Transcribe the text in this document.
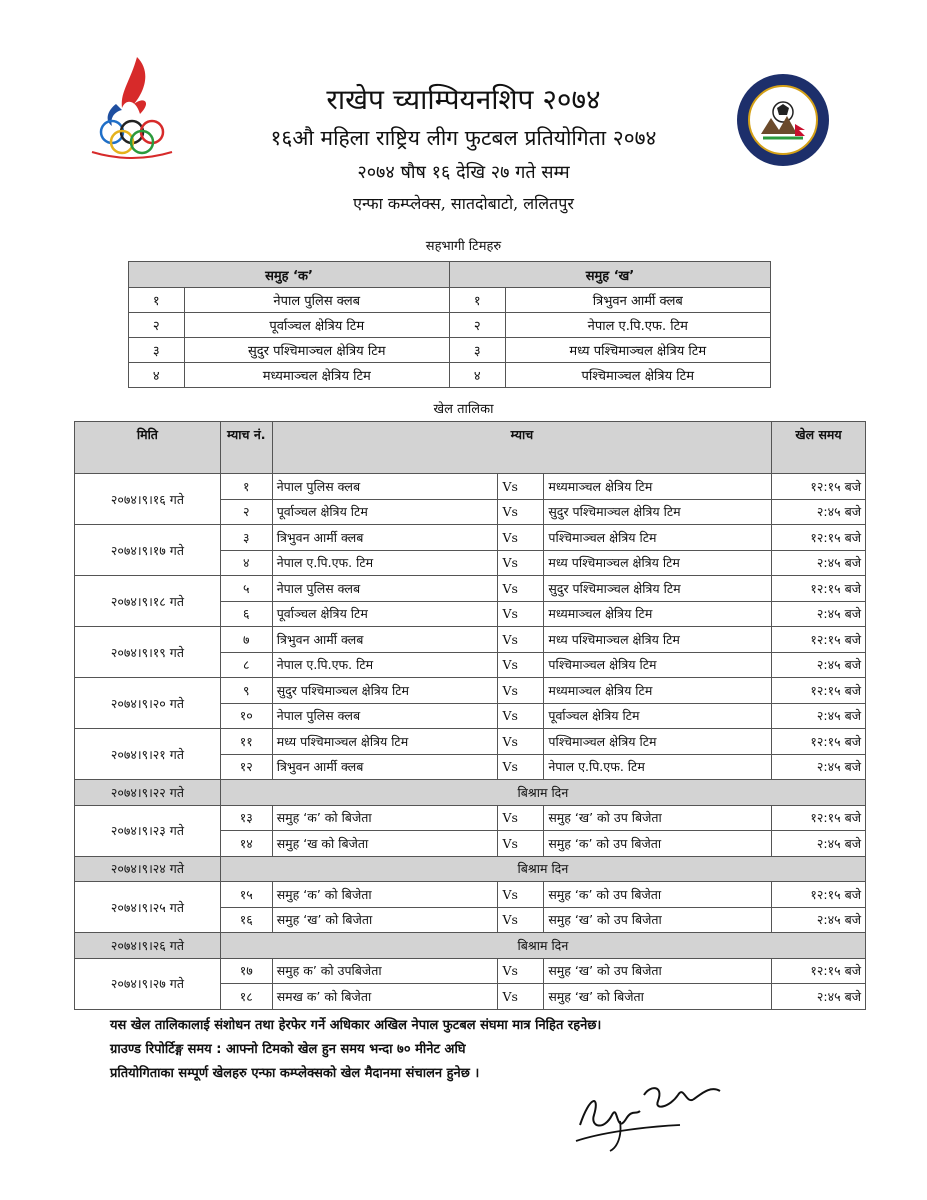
राखेप च्याम्पियनशिप २०७४
१६औ महिला राष्ट्रिय लीग फुटबल प्रतियोगिता २०७४
२०७४ षौष १६ देखि २७ गते सम्म
एन्फा कम्प्लेक्स, सातदोबाटो, ललितपुर
सहभागी टिमहरु
समुह ‘क’		समुह ‘ख’	
१	नेपाल पुलिस क्लब	१	त्रिभुवन आर्मी क्लब
२	पूर्वाञ्चल क्षेत्रिय टिम	२	नेपाल ए.पि.एफ. टिम
३	सुदुर पश्चिमाञ्चल क्षेत्रिय टिम	३	मध्य पश्चिमाञ्चल क्षेत्रिय टिम
४	मध्यमाञ्चल क्षेत्रिय टिम	४	पश्चिमाञ्चल क्षेत्रिय टिम
खेल तालिका
मिति	म्याच नं.	म्याच			खेल समय
२०७४।९।१६ गते	१	नेपाल पुलिस क्लब	Vs	मध्यमाञ्चल क्षेत्रिय टिम	१२:१५ बजे
	२	पूर्वाञ्चल क्षेत्रिय टिम	Vs	सुदुर पश्चिमाञ्चल क्षेत्रिय टिम	२:४५ बजे
२०७४।९।१७ गते	३	त्रिभुवन आर्मी क्लब	Vs	पश्चिमाञ्चल क्षेत्रिय टिम	१२:१५ बजे
	४	नेपाल ए.पि.एफ. टिम	Vs	मध्य पश्चिमाञ्चल क्षेत्रिय टिम	२:४५ बजे
२०७४।९।१८ गते	५	नेपाल पुलिस क्लब	Vs	सुदुर पश्चिमाञ्चल क्षेत्रिय टिम	१२:१५ बजे
	६	पूर्वाञ्चल क्षेत्रिय टिम	Vs	मध्यमाञ्चल क्षेत्रिय टिम	२:४५ बजे
२०७४।९।१९ गते	७	त्रिभुवन आर्मी क्लब	Vs	मध्य पश्चिमाञ्चल क्षेत्रिय टिम	१२:१५ बजे
	८	नेपाल ए.पि.एफ. टिम	Vs	पश्चिमाञ्चल क्षेत्रिय टिम	२:४५ बजे
२०७४।९।२० गते	९	सुदुर पश्चिमाञ्चल क्षेत्रिय टिम	Vs	मध्यमाञ्चल क्षेत्रिय टिम	१२:१५ बजे
	१०	नेपाल पुलिस क्लब	Vs	पूर्वाञ्चल क्षेत्रिय टिम	२:४५ बजे
२०७४।९।२१ गते	११	मध्य पश्चिमाञ्चल क्षेत्रिय टिम	Vs	पश्चिमाञ्चल क्षेत्रिय टिम	१२:१५ बजे
	१२	त्रिभुवन आर्मी क्लब	Vs	नेपाल ए.पि.एफ. टिम	२:४५ बजे
२०७४।९।२२ गते	बिश्राम दिन				
२०७४।९।२३ गते	१३	समुह ‘क’ को बिजेता	Vs	समुह ‘ख’ को उप बिजेता	१२:१५ बजे
	१४	समुह ‘ख को बिजेता	Vs	समुह ‘क’ को उप बिजेता	२:४५ बजे
२०७४।९।२४ गते	बिश्राम दिन				
२०७४।९।२५ गते	१५	समुह ‘क’ को बिजेता	Vs	समुह ‘क’ को उप बिजेता	१२:१५ बजे
	१६	समुह ‘ख’ को बिजेता	Vs	समुह ‘ख’ को उप बिजेता	२:४५ बजे
२०७४।९।२६ गते	बिश्राम दिन				
२०७४।९।२७ गते	१७	समुह क’ को उपबिजेता	Vs	समुह ‘ख’ को उप बिजेता	१२:१५ बजे
	१८	समख क’ को बिजेता	Vs	समुह ‘ख’ को बिजेता	२:४५ बजे
यस खेल तालिकालाई संशोधन तथा हेरफेर गर्ने अधिकार अखिल नेपाल फुटबल संघमा मात्र निहित रहनेछ।
ग्राउण्ड रिपोर्टिङ्ग समय : आफ्नो टिमको खेल हुन समय भन्दा ७० मीनेट अघि
प्रतियोगिताका सम्पूर्ण खेलहरु एन्फा कम्प्लेक्सको खेल मैदानमा संचालन हुनेछ ।
